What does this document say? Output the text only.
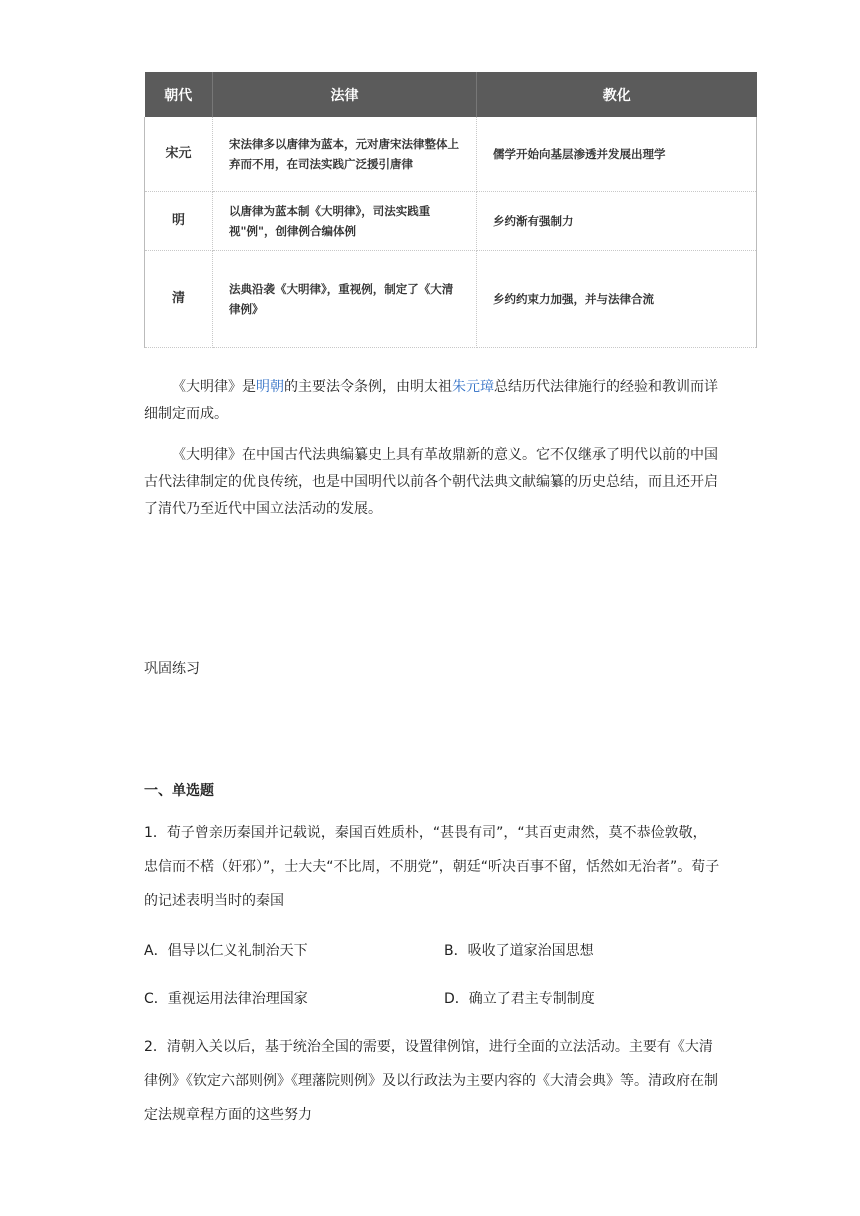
朝代	法律	教化
宋元	宋法律多以唐律为蓝本，元对唐宋法律整体上弃而不用，在司法实践广泛援引唐律	儒学开始向基层渗透并发展出理学
明	以唐律为蓝本制《大明律》，司法实践重视"例"，创律例合编体例	乡约渐有强制力
清	法典沿袭《大明律》，重视例，制定了《大清律例》	乡约约束力加强，并与法律合流

《大明律》是明朝的主要法令条例，由明太祖朱元璋总结历代法律施行的经验和教训而详细制定而成。

《大明律》在中国古代法典编纂史上具有革故鼎新的意义。它不仅继承了明代以前的中国古代法律制定的优良传统，也是中国明代以前各个朝代法典文献编纂的历史总结，而且还开启了清代乃至近代中国立法活动的发展。

巩固练习

一、单选题

1．荀子曾亲历秦国并记载说，秦国百姓质朴，“甚畏有司”，“其百吏肃然，莫不恭俭敦敬，忠信而不楛（奸邪）”，士大夫“不比周，不朋党”，朝廷“听决百事不留，恬然如无治者”。荀子的记述表明当时的秦国

A．倡导以仁义礼制治天下	B．吸收了道家治国思想

C．重视运用法律治理国家	D．确立了君主专制制度

2．清朝入关以后，基于统治全国的需要，设置律例馆，进行全面的立法活动。主要有《大清律例》《钦定六部则例》《理藩院则例》及以行政法为主要内容的《大清会典》等。清政府在制定法规章程方面的这些努力
